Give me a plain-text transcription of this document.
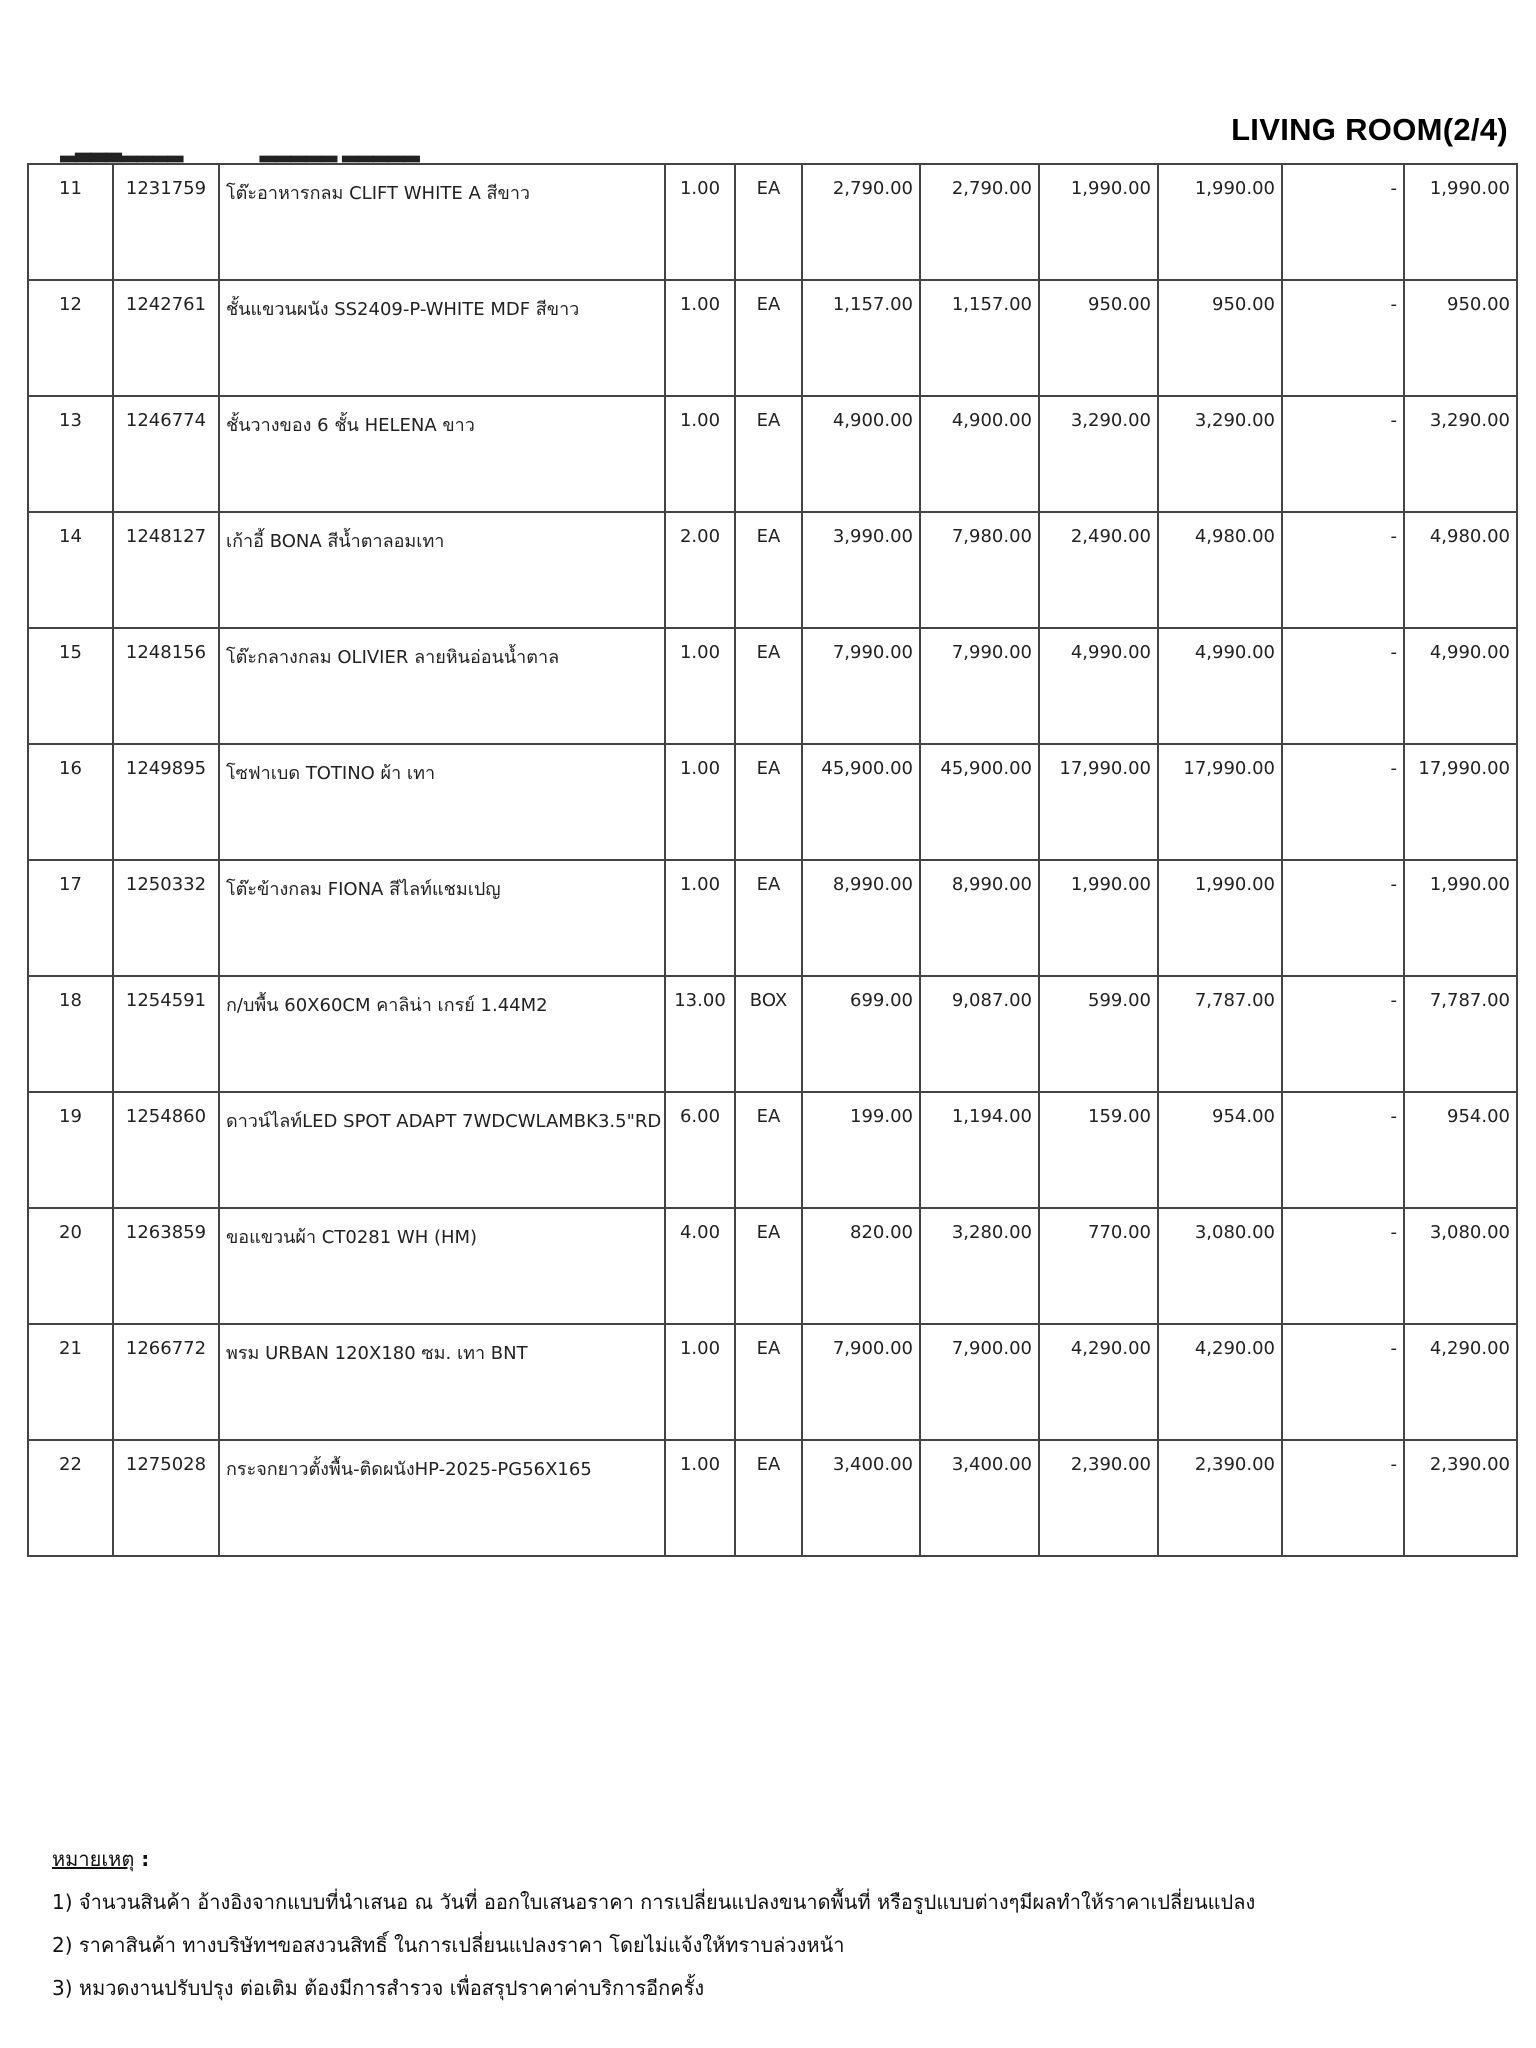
LIVING ROOM(2/4)
▂▃▃▃▂▂▂▂	▂▂▂▂▂ ▂▂▂▂▂
11	1231759	โต๊ะอาหารกลม CLIFT WHITE A สีขาว	1.00	EA	2,790.00	2,790.00	1,990.00	1,990.00	-	1,990.00
12	1242761	ชั้นแขวนผนัง SS2409-P-WHITE MDF สีขาว	1.00	EA	1,157.00	1,157.00	950.00	950.00	-	950.00
13	1246774	ชั้นวางของ 6 ชั้น HELENA ขาว	1.00	EA	4,900.00	4,900.00	3,290.00	3,290.00	-	3,290.00
14	1248127	เก้าอี้ BONA สีน้ำตาลอมเทา	2.00	EA	3,990.00	7,980.00	2,490.00	4,980.00	-	4,980.00
15	1248156	โต๊ะกลางกลม OLIVIER ลายหินอ่อนน้ำตาล	1.00	EA	7,990.00	7,990.00	4,990.00	4,990.00	-	4,990.00
16	1249895	โซฟาเบด TOTINO ผ้า เทา	1.00	EA	45,900.00	45,900.00	17,990.00	17,990.00	-	17,990.00
17	1250332	โต๊ะข้างกลม FIONA สีไลท์แชมเปญ	1.00	EA	8,990.00	8,990.00	1,990.00	1,990.00	-	1,990.00
18	1254591	ก/บพื้น 60X60CM คาลิน่า เกรย์ 1.44M2	13.00	BOX	699.00	9,087.00	599.00	7,787.00	-	7,787.00
19	1254860	ดาวน์ไลท์LED SPOT ADAPT 7WDCWLAMBK3.5"RD	6.00	EA	199.00	1,194.00	159.00	954.00	-	954.00
20	1263859	ขอแขวนผ้า CT0281 WH (HM)	4.00	EA	820.00	3,280.00	770.00	3,080.00	-	3,080.00
21	1266772	พรม URBAN 120X180 ซม. เทา BNT	1.00	EA	7,900.00	7,900.00	4,290.00	4,290.00	-	4,290.00
22	1275028	กระจกยาวตั้งพื้น-ติดผนังHP-2025-PG56X165	1.00	EA	3,400.00	3,400.00	2,390.00	2,390.00	-	2,390.00
หมายเหตุ :
1) จำนวนสินค้า อ้างอิงจากแบบที่นำเสนอ ณ วันที่ ออกใบเสนอราคา การเปลี่ยนแปลงขนาดพื้นที่ หรือรูปแบบต่างๆมีผลทำให้ราคาเปลี่ยนแปลง
2) ราคาสินค้า ทางบริษัทฯขอสงวนสิทธิ์ ในการเปลี่ยนแปลงราคา โดยไม่แจ้งให้ทราบล่วงหน้า
3) หมวดงานปรับปรุง ต่อเติม ต้องมีการสำรวจ เพื่อสรุปราคาค่าบริการอีกครั้ง
